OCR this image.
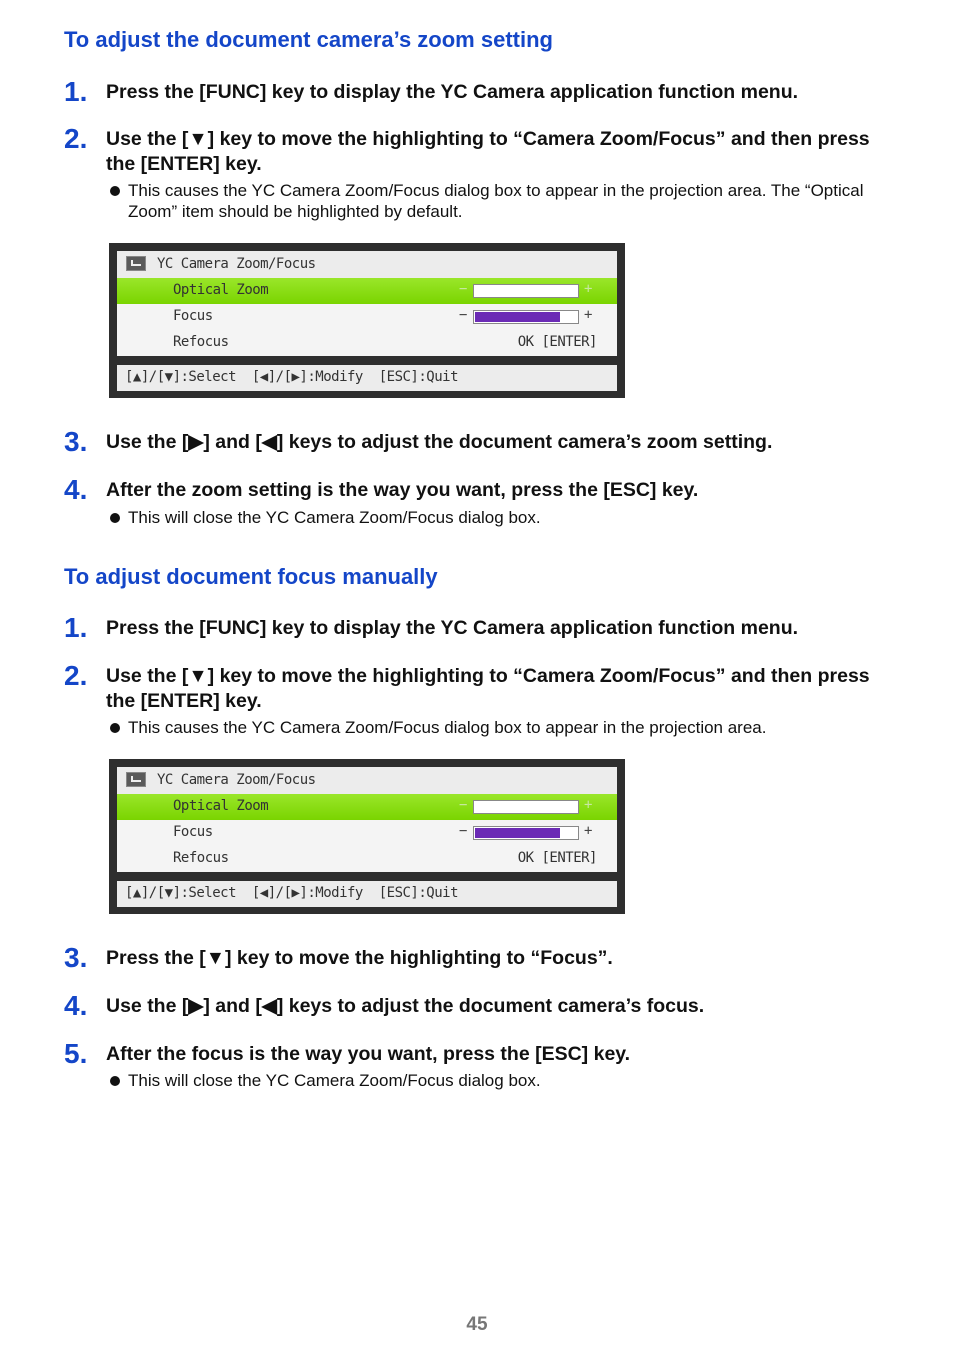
To adjust the document camera’s zoom setting
1. Press the [FUNC] key to display the YC Camera application function menu.
2. Use the [▼] key to move the highlighting to “Camera Zoom/Focus” and then press the [ENTER] key.
This causes the YC Camera Zoom/Focus dialog box to appear in the projection area. The “Optical Zoom” item should be highlighted by default.
YC Camera Zoom/Focus
Optical Zoom	−	+
Focus	−	+
Refocus	OK [ENTER]
[▲]/[▼]:Select  [◀]/[▶]:Modify  [ESC]:Quit
3. Use the [▶] and [◀] keys to adjust the document camera’s zoom setting.
4. After the zoom setting is the way you want, press the [ESC] key.
This will close the YC Camera Zoom/Focus dialog box.
To adjust document focus manually
1. Press the [FUNC] key to display the YC Camera application function menu.
2. Use the [▼] key to move the highlighting to “Camera Zoom/Focus” and then press the [ENTER] key.
This causes the YC Camera Zoom/Focus dialog box to appear in the projection area.
YC Camera Zoom/Focus
Optical Zoom	−	+
Focus	−	+
Refocus	OK [ENTER]
[▲]/[▼]:Select  [◀]/[▶]:Modify  [ESC]:Quit
3. Press the [▼] key to move the highlighting to “Focus”.
4. Use the [▶] and [◀] keys to adjust the document camera’s focus.
5. After the focus is the way you want, press the [ESC] key.
This will close the YC Camera Zoom/Focus dialog box.
45
